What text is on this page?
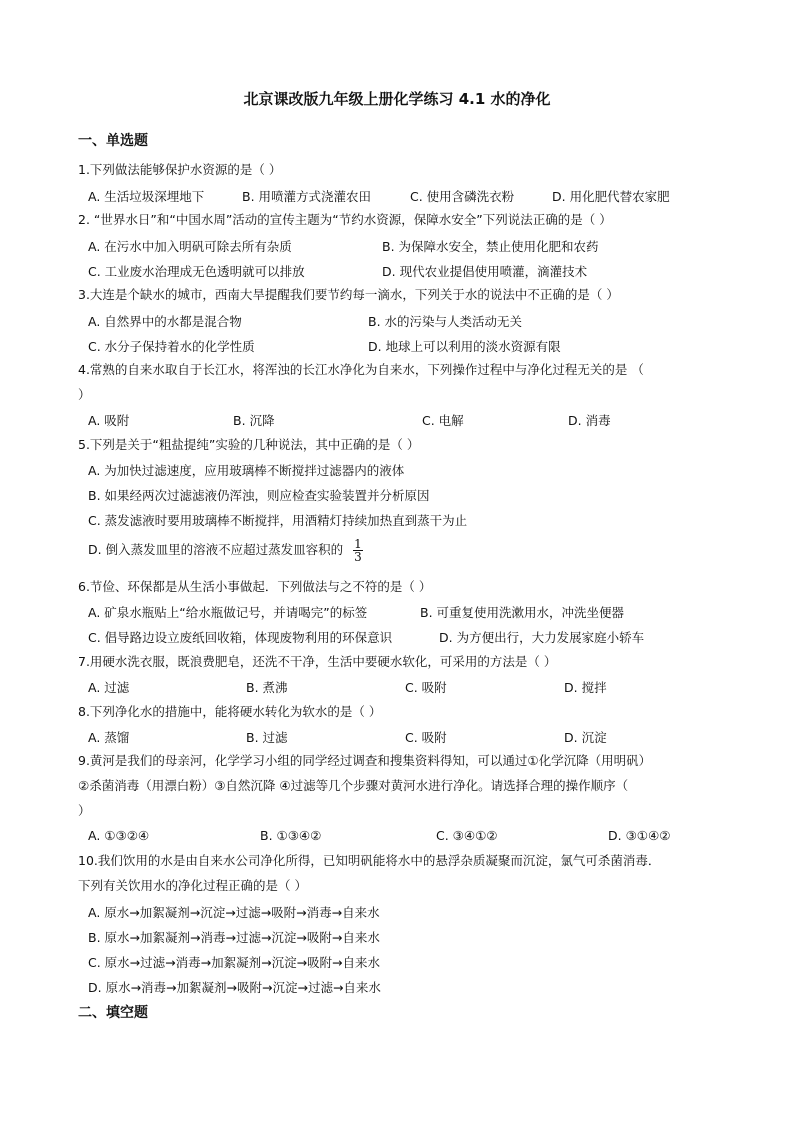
北京课改版九年级上册化学练习 4.1 水的净化
一、单选题
1.下列做法能够保护水资源的是（ ）
A. 生活垃圾深埋地下	B. 用喷灌方式浇灌农田	C. 使用含磷洗衣粉	D. 用化肥代替农家肥
2. “世界水日”和“中国水周”活动的宣传主题为“节约水资源，保障水安全”下列说法正确的是（ ）
A. 在污水中加入明矾可除去所有杂质	B. 为保障水安全，禁止使用化肥和农药
C. 工业废水治理成无色透明就可以排放	D. 现代农业提倡使用喷灌，滴灌技术
3.大连是个缺水的城市，西南大旱提醒我们要节约每一滴水，下列关于水的说法中不正确的是（ ）
A. 自然界中的水都是混合物	B. 水的污染与人类活动无关
C. 水分子保持着水的化学性质	D. 地球上可以利用的淡水资源有限
4.常熟的自来水取自于长江水，将浑浊的长江水净化为自来水，下列操作过程中与净化过程无关的是 （
）
A. 吸附	B. 沉降	C. 电解	D. 消毒
5.下列是关于“粗盐提纯”实验的几种说法，其中正确的是（ ）
A. 为加快过滤速度，应用玻璃棒不断搅拌过滤器内的液体
B. 如果经两次过滤滤液仍浑浊，则应检查实验装置并分析原因
C. 蒸发滤液时要用玻璃棒不断搅拌，用酒精灯持续加热直到蒸干为止
D. 倒入蒸发皿里的溶液不应超过蒸发皿容积的 $\frac{1}{3}$
6.节俭、环保都是从生活小事做起．下列做法与之不符的是（ ）
A. 矿泉水瓶贴上“给水瓶做记号，并请喝完”的标签	B. 可重复使用洗漱用水，冲洗坐便器
C. 倡导路边设立废纸回收箱，体现废物利用的环保意识	D. 为方便出行，大力发展家庭小轿车
7.用硬水洗衣服，既浪费肥皂，还洗不干净，生活中要硬水软化，可采用的方法是（ ）
A. 过滤	B. 煮沸	C. 吸附	D. 搅拌
8.下列净化水的措施中，能将硬水转化为软水的是（ ）
A. 蒸馏	B. 过滤	C. 吸附	D. 沉淀
9.黄河是我们的母亲河，化学学习小组的同学经过调查和搜集资料得知，可以通过①化学沉降（用明矾）
②杀菌消毒（用漂白粉）③自然沉降 ④过滤等几个步骤对黄河水进行净化。请选择合理的操作顺序（
）
A. ①③②④	B. ①③④②	C. ③④①②	D. ③①④②
10.我们饮用的水是由自来水公司净化所得，已知明矾能将水中的悬浮杂质凝聚而沉淀，氯气可杀菌消毒．
下列有关饮用水的净化过程正确的是（ ）
A. 原水→加絮凝剂→沉淀→过滤→吸附→消毒→自来水
B. 原水→加絮凝剂→消毒→过滤→沉淀→吸附→自来水
C. 原水→过滤→消毒→加絮凝剂→沉淀→吸附→自来水
D. 原水→消毒→加絮凝剂→吸附→沉淀→过滤→自来水
二、填空题
